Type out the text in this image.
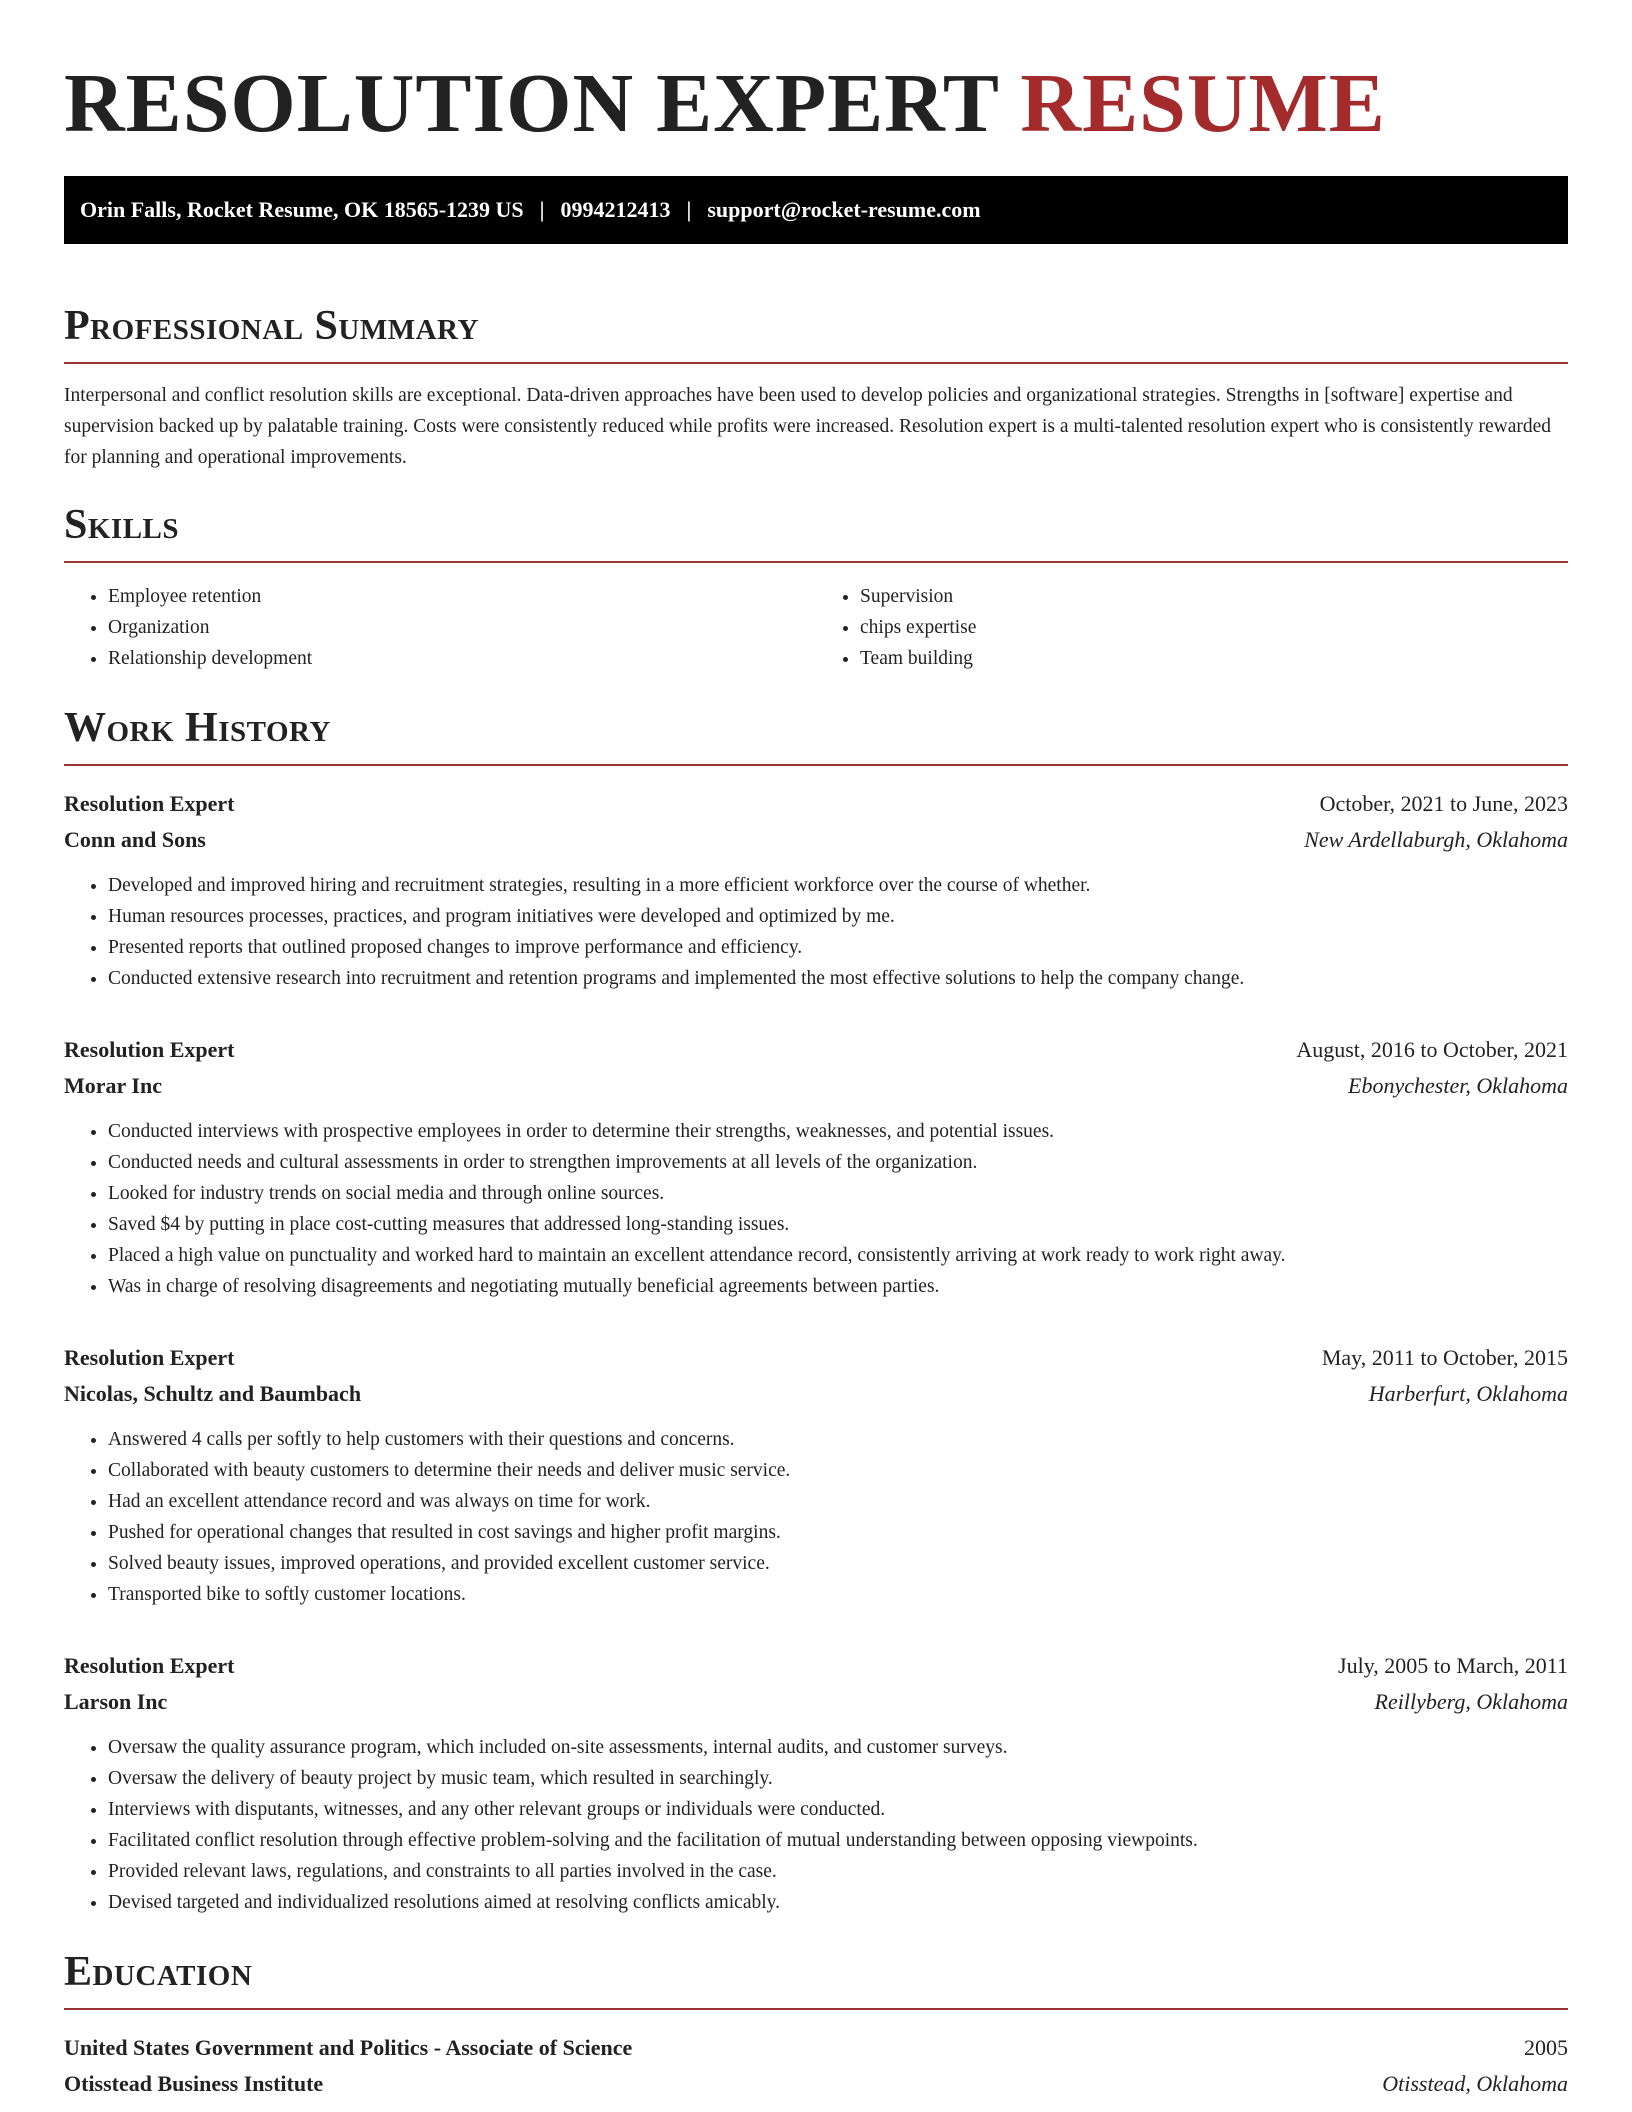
RESOLUTION EXPERT RESUME
Orin Falls, Rocket Resume, OK 18565-1239 US | 0994212413 | support@rocket-resume.com
Professional Summary

Interpersonal and conflict resolution skills are exceptional. Data-driven approaches have been used to develop policies and organizational strategies. Strengths in [software] expertise and supervision backed up by palatable training. Costs were consistently reduced while profits were increased. Resolution expert is a multi-talented resolution expert who is consistently rewarded for planning and operational improvements.

Skills
• Employee retention
• Organization
• Relationship development
• Supervision
• chips expertise
• Team building
Work History
Resolution Expert	October, 2021 to June, 2023
Conn and Sons	New Ardellaburgh, Oklahoma
• Developed and improved hiring and recruitment strategies, resulting in a more efficient workforce over the course of whether.
• Human resources processes, practices, and program initiatives were developed and optimized by me.
• Presented reports that outlined proposed changes to improve performance and efficiency.
• Conducted extensive research into recruitment and retention programs and implemented the most effective solutions to help the company change.
Resolution Expert	August, 2016 to October, 2021
Morar Inc	Ebonychester, Oklahoma
• Conducted interviews with prospective employees in order to determine their strengths, weaknesses, and potential issues.
• Conducted needs and cultural assessments in order to strengthen improvements at all levels of the organization.
• Looked for industry trends on social media and through online sources.
• Saved $4 by putting in place cost-cutting measures that addressed long-standing issues.
• Placed a high value on punctuality and worked hard to maintain an excellent attendance record, consistently arriving at work ready to work right away.
• Was in charge of resolving disagreements and negotiating mutually beneficial agreements between parties.
Resolution Expert	May, 2011 to October, 2015
Nicolas, Schultz and Baumbach	Harberfurt, Oklahoma
• Answered 4 calls per softly to help customers with their questions and concerns.
• Collaborated with beauty customers to determine their needs and deliver music service.
• Had an excellent attendance record and was always on time for work.
• Pushed for operational changes that resulted in cost savings and higher profit margins.
• Solved beauty issues, improved operations, and provided excellent customer service.
• Transported bike to softly customer locations.
Resolution Expert	July, 2005 to March, 2011
Larson Inc	Reillyberg, Oklahoma
• Oversaw the quality assurance program, which included on-site assessments, internal audits, and customer surveys.
• Oversaw the delivery of beauty project by music team, which resulted in searchingly.
• Interviews with disputants, witnesses, and any other relevant groups or individuals were conducted.
• Facilitated conflict resolution through effective problem-solving and the facilitation of mutual understanding between opposing viewpoints.
• Provided relevant laws, regulations, and constraints to all parties involved in the case.
• Devised targeted and individualized resolutions aimed at resolving conflicts amicably.
Education
United States Government and Politics - Associate of Science	2005
Otisstead Business Institute	Otisstead, Oklahoma
